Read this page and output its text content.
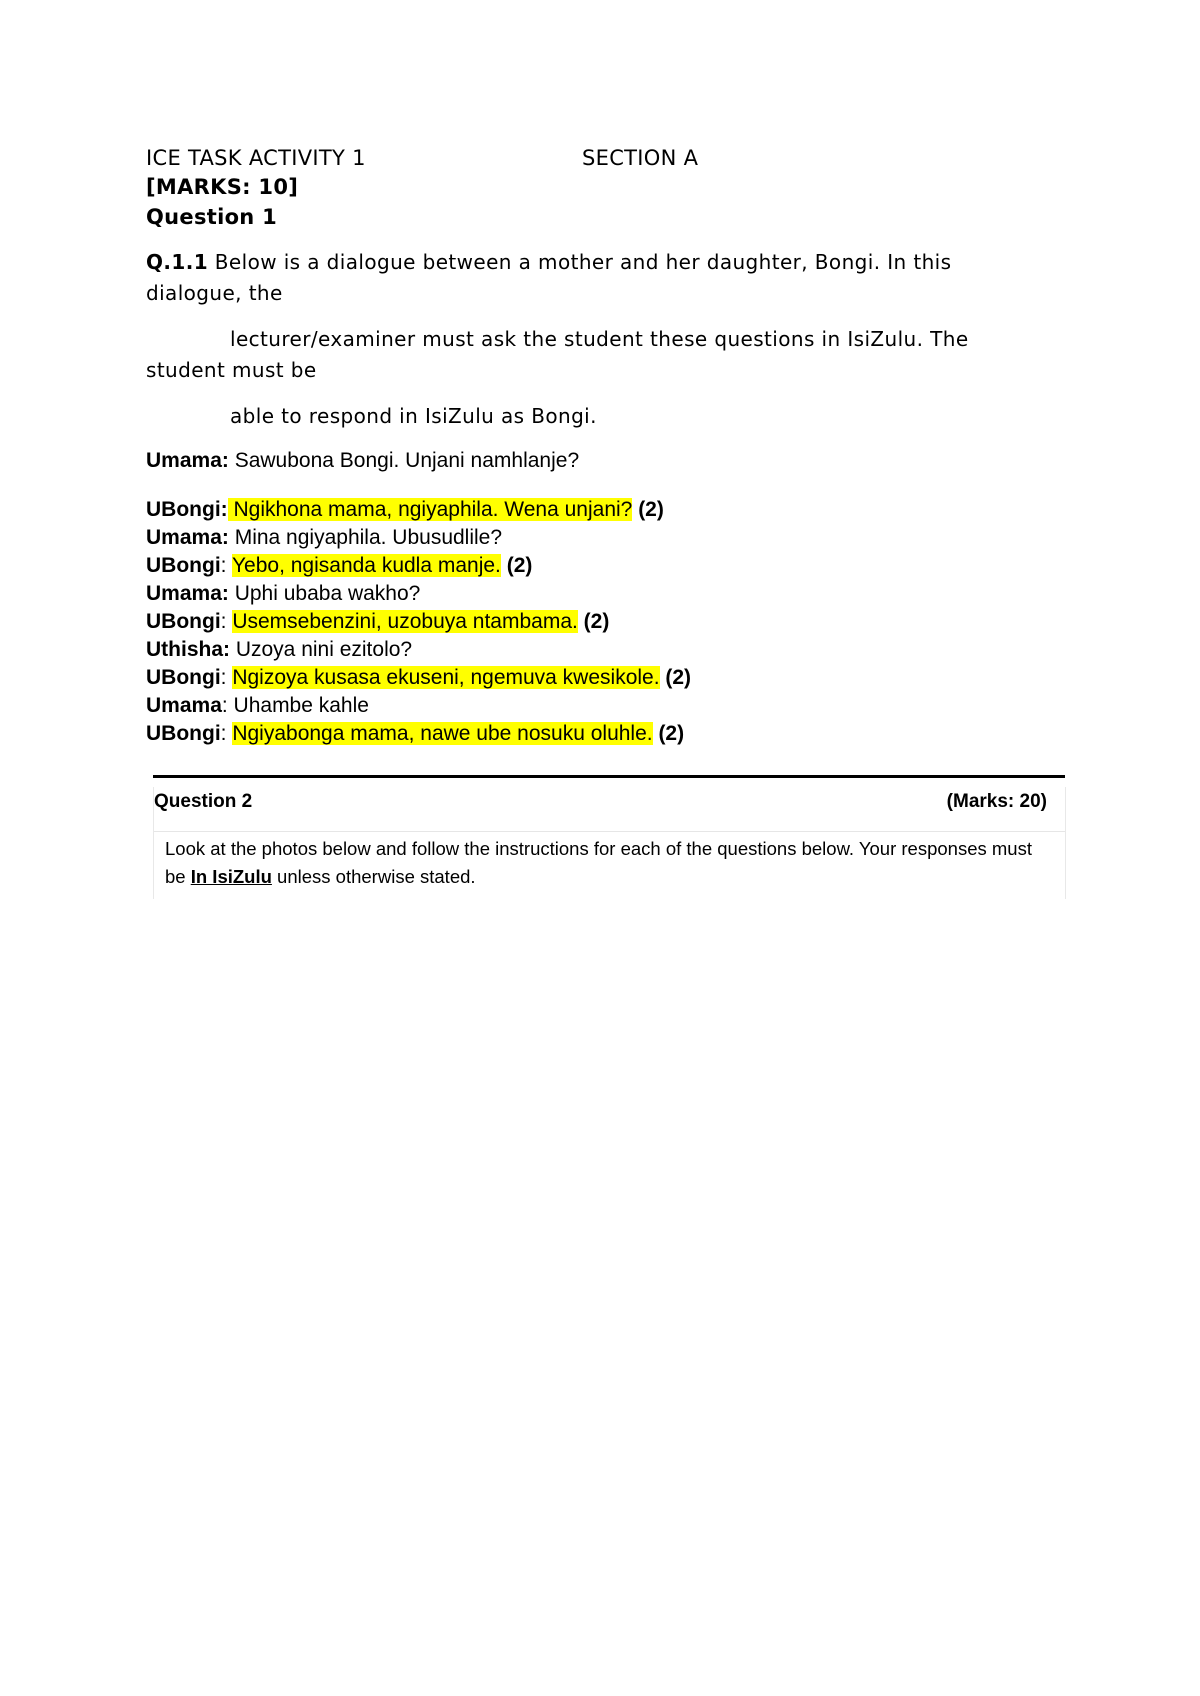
ICE TASK ACTIVITY 1	SECTION A
[MARKS: 10]
Question 1
Q.1.1 Below is a dialogue between a mother and her daughter, Bongi. In this
dialogue, the
lecturer/examiner must ask the student these questions in IsiZulu. The
student must be
able to respond in IsiZulu as Bongi.
Umama: Sawubona Bongi. Unjani namhlanje?
UBongi: Ngikhona mama, ngiyaphila. Wena unjani? (2)
Umama: Mina ngiyaphila. Ubusudlile?
UBongi: Yebo, ngisanda kudla manje. (2)
Umama: Uphi ubaba wakho?
UBongi: Usemsebenzini, uzobuya ntambama. (2)
Uthisha: Uzoya nini ezitolo?
UBongi: Ngizoya kusasa ekuseni, ngemuva kwesikole. (2)
Umama: Uhambe kahle
UBongi: Ngiyabonga mama, nawe ube nosuku oluhle. (2)
Question 2	(Marks: 20)
Look at the photos below and follow the instructions for each of the questions below. Your responses must be In IsiZulu unless otherwise stated.
